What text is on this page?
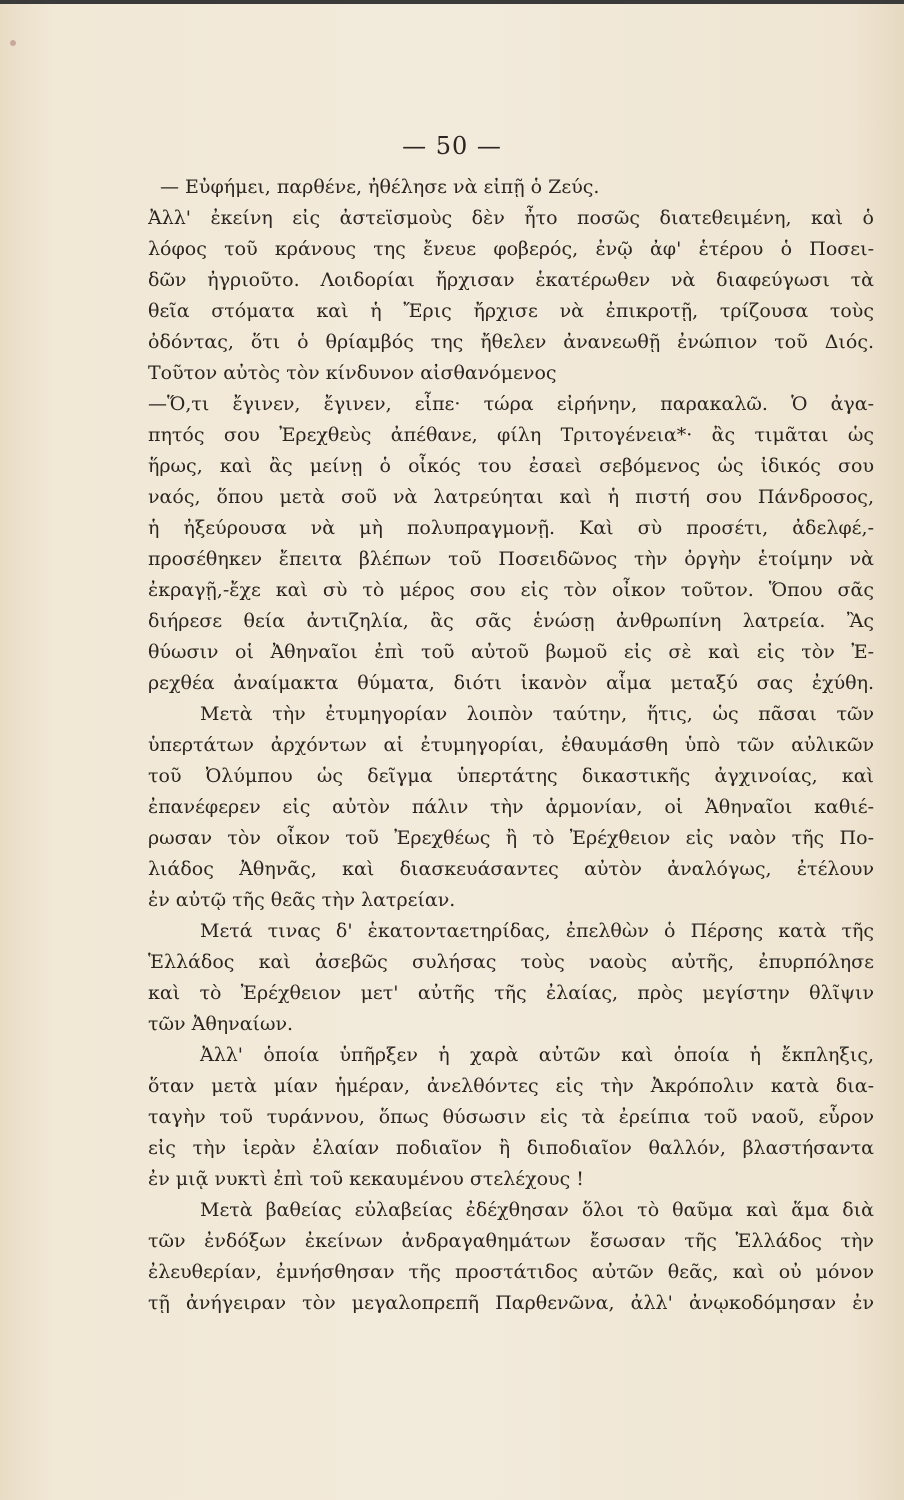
— 50 —
— Εὐφήμει, παρθένε, ἠθέλησε νὰ εἰπῇ ὁ Ζεύς.
Ἀλλ' ἐκείνη εἰς ἀστεϊσμοὺς δὲν ἦτο ποσῶς διατεθειμένη, καὶ ὁ
λόφος τοῦ κράνους της ἔνευε φοβερός, ἐνῷ ἀφ' ἑτέρου ὁ Ποσει-
δῶν ἠγριοῦτο. Λοιδορίαι ἤρχισαν ἑκατέρωθεν νὰ διαφεύγωσι τὰ
θεῖα στόματα καὶ ἡ Ἔρις ἤρχισε νὰ ἐπικροτῇ, τρίζουσα τοὺς
ὀδόντας, ὅτι ὁ θρίαμβός της ἤθελεν ἀνανεωθῇ ἐνώπιον τοῦ Διός.
Τοῦτον αὐτὸς τὸν κίνδυνον αἰσθανόμενος
—Ὅ,τι ἔγινεν, ἔγινεν, εἶπε· τώρα εἰρήνην, παρακαλῶ. Ὁ ἀγα-
πητός σου Ἐρεχθεὺς ἀπέθανε, φίλη Τριτογένεια*· ἂς τιμᾶται ὡς
ἥρως, καὶ ἂς μείνῃ ὁ οἶκός του ἐσαεὶ σεβόμενος ὡς ἰδικός σου
ναός, ὅπου μετὰ σοῦ νὰ λατρεύηται καὶ ἡ πιστή σου Πάνδροσος,
ἡ ἠξεύρουσα νὰ μὴ πολυπραγμονῇ. Καὶ σὺ προσέτι, ἀδελφέ,-
προσέθηκεν ἔπειτα βλέπων τοῦ Ποσειδῶνος τὴν ὀργὴν ἑτοίμην νὰ
ἐκραγῇ,-ἔχε καὶ σὺ τὸ μέρος σου εἰς τὸν οἶκον τοῦτον. Ὅπου σᾶς
διήρεσε θεία ἀντιζηλία, ἂς σᾶς ἑνώσῃ ἀνθρωπίνη λατρεία. Ἂς
θύωσιν οἱ Ἀθηναῖοι ἐπὶ τοῦ αὐτοῦ βωμοῦ εἰς σὲ καὶ εἰς τὸν Ἐ-
ρεχθέα ἀναίμακτα θύματα, διότι ἱκανὸν αἷμα μεταξύ σας ἐχύθη.
Μετὰ τὴν ἐτυμηγορίαν λοιπὸν ταύτην, ἥτις, ὡς πᾶσαι τῶν
ὑπερτάτων ἀρχόντων αἱ ἐτυμηγορίαι, ἐθαυμάσθη ὑπὸ τῶν αὐλικῶν
τοῦ Ὀλύμπου ὡς δεῖγμα ὑπερτάτης δικαστικῆς ἀγχινοίας, καὶ
ἐπανέφερεν εἰς αὐτὸν πάλιν τὴν ἁρμονίαν, οἱ Ἀθηναῖοι καθιέ-
ρωσαν τὸν οἶκον τοῦ Ἐρεχθέως ἢ τὸ Ἐρέχθειον εἰς ναὸν τῆς Πο-
λιάδος Ἀθηνᾶς, καὶ διασκευάσαντες αὐτὸν ἀναλόγως, ἐτέλουν
ἐν αὐτῷ τῆς θεᾶς τὴν λατρείαν.
Μετά τινας δ' ἑκατονταετηρίδας, ἐπελθὼν ὁ Πέρσης κατὰ τῆς
Ἑλλάδος καὶ ἀσεβῶς συλήσας τοὺς ναοὺς αὐτῆς, ἐπυρπόλησε
καὶ τὸ Ἐρέχθειον μετ' αὐτῆς τῆς ἐλαίας, πρὸς μεγίστην θλῖψιν
τῶν Ἀθηναίων.
Ἀλλ' ὁποία ὑπῆρξεν ἡ χαρὰ αὐτῶν καὶ ὁποία ἡ ἔκπληξις,
ὅταν μετὰ μίαν ἡμέραν, ἀνελθόντες εἰς τὴν Ἀκρόπολιν κατὰ δια-
ταγὴν τοῦ τυράννου, ὅπως θύσωσιν εἰς τὰ ἐρείπια τοῦ ναοῦ, εὗρον
εἰς τὴν ἱερὰν ἐλαίαν ποδιαῖον ἢ διποδιαῖον θαλλόν, βλαστήσαντα
ἐν μιᾷ νυκτὶ ἐπὶ τοῦ κεκαυμένου στελέχους !
Μετὰ βαθείας εὐλαβείας ἐδέχθησαν ὅλοι τὸ θαῦμα καὶ ἅμα διὰ
τῶν ἐνδόξων ἐκείνων ἀνδραγαθημάτων ἔσωσαν τῆς Ἑλλάδος τὴν
ἐλευθερίαν, ἐμνήσθησαν τῆς προστάτιδος αὐτῶν θεᾶς, καὶ οὐ μόνον
τῇ ἀνήγειραν τὸν μεγαλοπρεπῆ Παρθενῶνα, ἀλλ' ἀνῳκοδόμησαν ἐν
